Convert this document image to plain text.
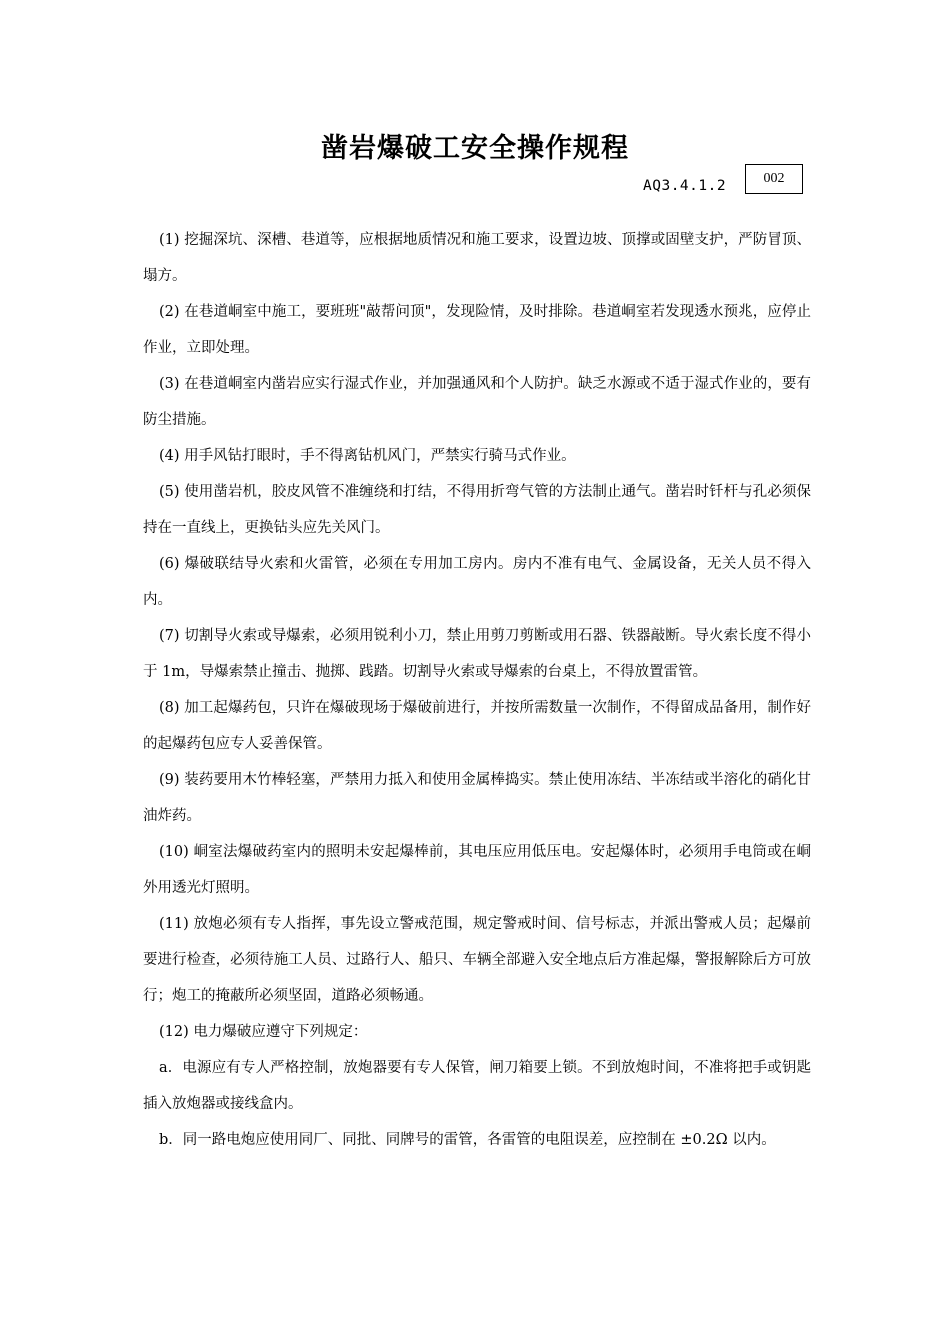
凿岩爆破工安全操作规程
AQ3.4.1.2	002

(1) 挖掘深坑、深槽、巷道等，应根据地质情况和施工要求，设置边坡、顶撑或固壁支护，严防冒顶、塌方。

(2) 在巷道峒室中施工，要班班"敲帮问顶"，发现险情，及时排除。巷道峒室若发现透水预兆，应停止作业，立即处理。

(3) 在巷道峒室内凿岩应实行湿式作业，并加强通风和个人防护。缺乏水源或不适于湿式作业的，要有防尘措施。

(4) 用手风钻打眼时，手不得离钻机风门，严禁实行骑马式作业。

(5) 使用凿岩机，胶皮风管不准缠绕和打结，不得用折弯气管的方法制止通气。凿岩时钎杆与孔必须保持在一直线上，更换钻头应先关风门。

(6) 爆破联结导火索和火雷管，必须在专用加工房内。房内不准有电气、金属设备，无关人员不得入内。

(7) 切割导火索或导爆索，必须用锐利小刀，禁止用剪刀剪断或用石器、铁器敲断。导火索长度不得小于 1m，导爆索禁止撞击、抛掷、践踏。切割导火索或导爆索的台桌上，不得放置雷管。

(8) 加工起爆药包，只许在爆破现场于爆破前进行，并按所需数量一次制作，不得留成品备用，制作好的起爆药包应专人妥善保管。

(9) 装药要用木竹棒轻塞，严禁用力抵入和使用金属棒捣实。禁止使用冻结、半冻结或半溶化的硝化甘油炸药。

(10) 峒室法爆破药室内的照明未安起爆棒前，其电压应用低压电。安起爆体时，必须用手电筒或在峒外用透光灯照明。

(11) 放炮必须有专人指挥，事先设立警戒范围，规定警戒时间、信号标志，并派出警戒人员；起爆前要进行检查，必须待施工人员、过路行人、船只、车辆全部避入安全地点后方准起爆，警报解除后方可放行；炮工的掩蔽所必须坚固，道路必须畅通。

(12) 电力爆破应遵守下列规定：

a．电源应有专人严格控制，放炮器要有专人保管，闸刀箱要上锁。不到放炮时间，不准将把手或钥匙插入放炮器或接线盒内。

b．同一路电炮应使用同厂、同批、同牌号的雷管，各雷管的电阻误差，应控制在 ±0.2Ω 以内。
